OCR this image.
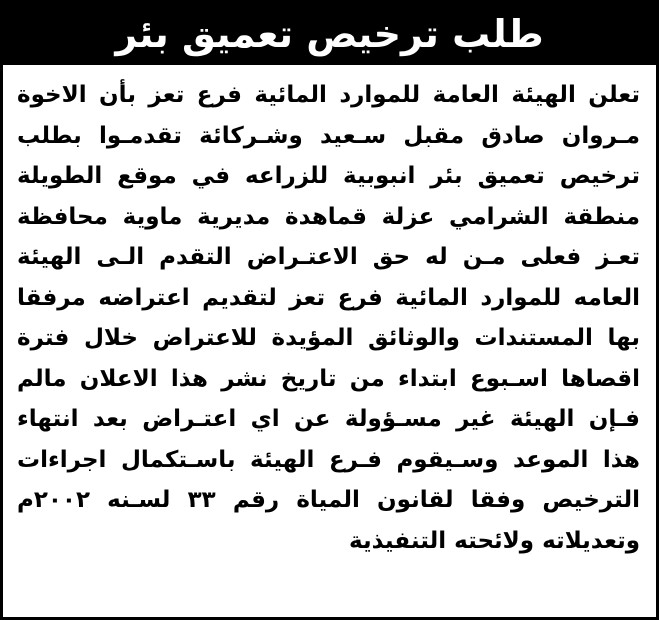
طلب ترخيص تعميق بئر
تعلن الهيئة العامة للموارد المائية فرع تعز بأن الاخوة
مـروان صادق مقبل سـعيد وشـركائة تقدمـوا بطلب
ترخيص تعميق بئر انبوبية للزراعه في موقع الطويلة
منطقة الشرامي عزلة قماهدة مديرية ماوية محافظة
تعـز فعلى مـن له حق الاعتـراض التقدم الـى الهيئة
العامه للموارد المائية فرع تعز لتقديم اعتراضه مرفقا
بها المستندات والوثائق المؤيدة للاعتراض خلال فترة
اقصاها اسـبوع ابتداء من تاريخ نشر هذا الاعلان مالم
فـإن الهيئة غير مسـؤولة عن اي اعتـراض بعد انتهاء
هذا الموعد وسـيقوم فـرع الهيئة باسـتكمال اجراءات
الترخيص وفقا لقانون المياة رقم ٣٣ لسـنه ٢٠٠٢م
وتعديلاته ولائحته التنفيذية
